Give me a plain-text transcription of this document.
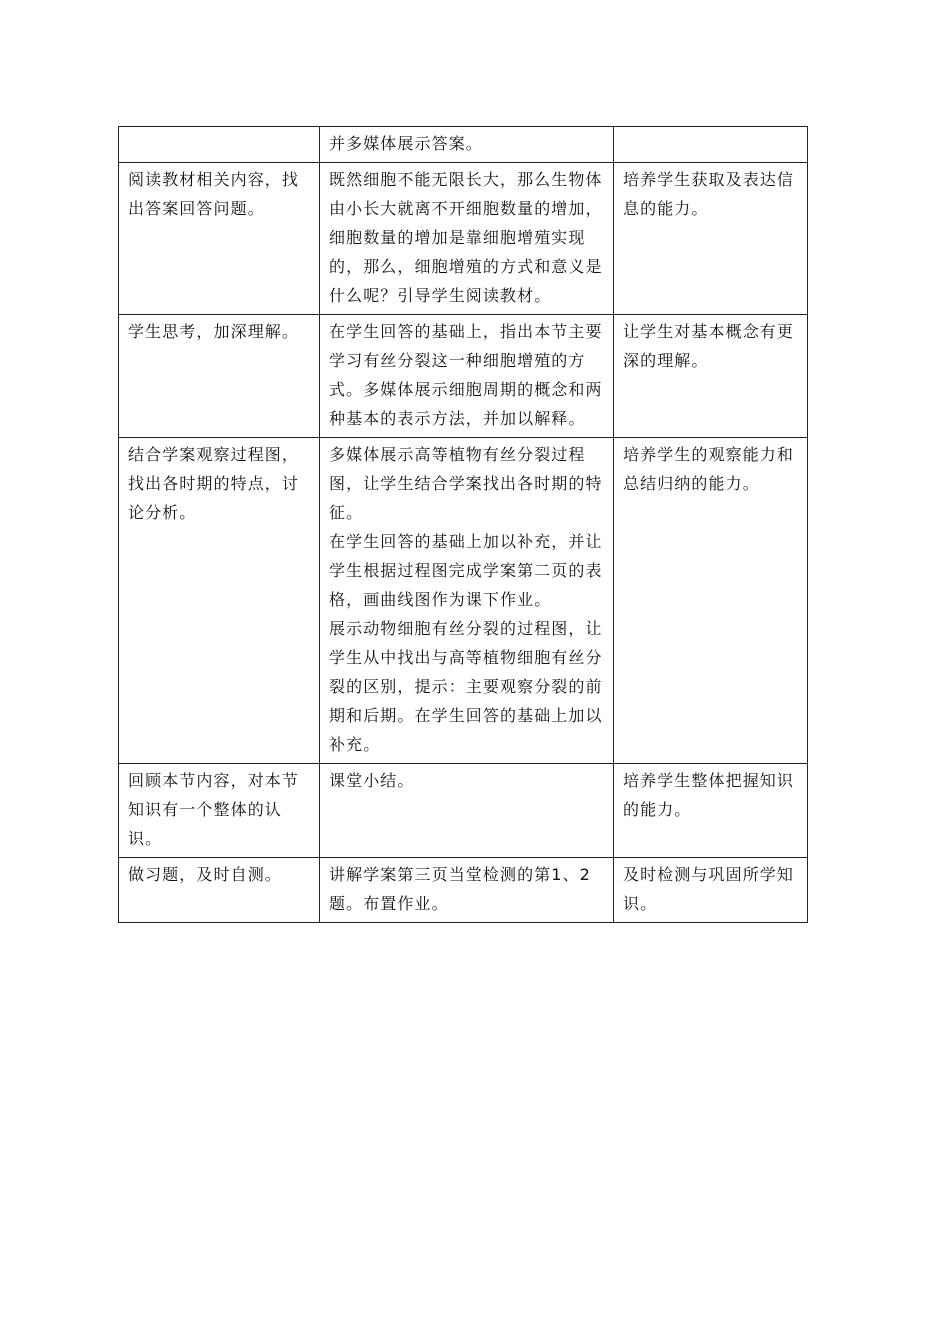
	并多媒体展示答案。	

阅读教材相关内容，找出答案回答问题。	既然细胞不能无限长大，那么生物体由小长大就离不开细胞数量的增加，细胞数量的增加是靠细胞增殖实现的，那么，细胞增殖的方式和意义是什么呢？引导学生阅读教材。	培养学生获取及表达信息的能力。
学生思考，加深理解。	在学生回答的基础上，指出本节主要学习有丝分裂这一种细胞增殖的方式。多媒体展示细胞周期的概念和两种基本的表示方法，并加以解释。	让学生对基本概念有更深的理解。
结合学案观察过程图，找出各时期的特点，讨论分析。	多媒体展示高等植物有丝分裂过程图，让学生结合学案找出各时期的特征。
在学生回答的基础上加以补充，并让学生根据过程图完成学案第二页的表格，画曲线图作为课下作业。
展示动物细胞有丝分裂的过程图，让学生从中找出与高等植物细胞有丝分裂的区别，提示：主要观察分裂的前期和后期。在学生回答的基础上加以补充。	培养学生的观察能力和总结归纳的能力。
回顾本节内容，对本节知识有一个整体的认识。	课堂小结。	培养学生整体把握知识的能力。
做习题，及时自测。	讲解学案第三页当堂检测的第1、2题。布置作业。	及时检测与巩固所学知识。
